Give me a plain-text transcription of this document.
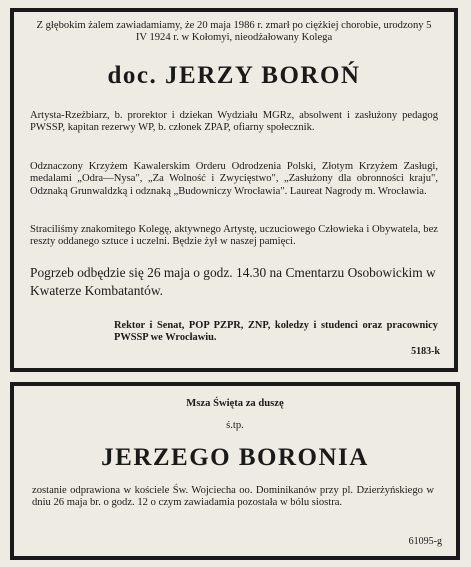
Z głębokim żalem zawiadamiamy, że 20 maja 1986 r. zmarł po ciężkiej chorobie, urodzony 5 IV 1924 r. w Kołomyi, nieodżałowany Kolega
doc. JERZY BOROŃ
Artysta-Rzeźbiarz, b. prorektor i dziekan Wydziału MGRz, absolwent i zasłużony pedagog PWSSP, kapitan rezerwy WP, b. członek ZPAP, ofiarny społecznik.
Odznaczony Krzyżem Kawalerskim Orderu Odrodzenia Polski, Złotym Krzyżem Zasługi, medalami „Odra—Nysa", „Za Wolność i Zwycięstwo", „Zasłużony dla obronności kraju", Odznaką Grunwaldzką i odznaką „Budowniczy Wrocławia". Laureat Nagrody m. Wrocławia.
Straciliśmy znakomitego Kolegę, aktywnego Artystę, uczuciowego Człowieka i Obywatela, bez reszty oddanego sztuce i uczelni. Będzie żył w naszej pamięci.
Pogrzeb odbędzie się 26 maja o godz. 14.30 na Cmentarzu Osobowickim w Kwaterze Kombatantów.
Rektor i Senat, POP PZPR, ZNP, koledzy i studenci oraz pracownicy PWSSP we Wrocławiu.
5183-k
Msza Święta za duszę
ś.tp.
JERZEGO BORONIA
zostanie odprawiona w kościele Św. Wojciecha oo. Dominikanów przy pl. Dzierżyńskiego w dniu 26 maja br. o godz. 12 o czym zawiadamia pozostała w bólu siostra.
61095-g
